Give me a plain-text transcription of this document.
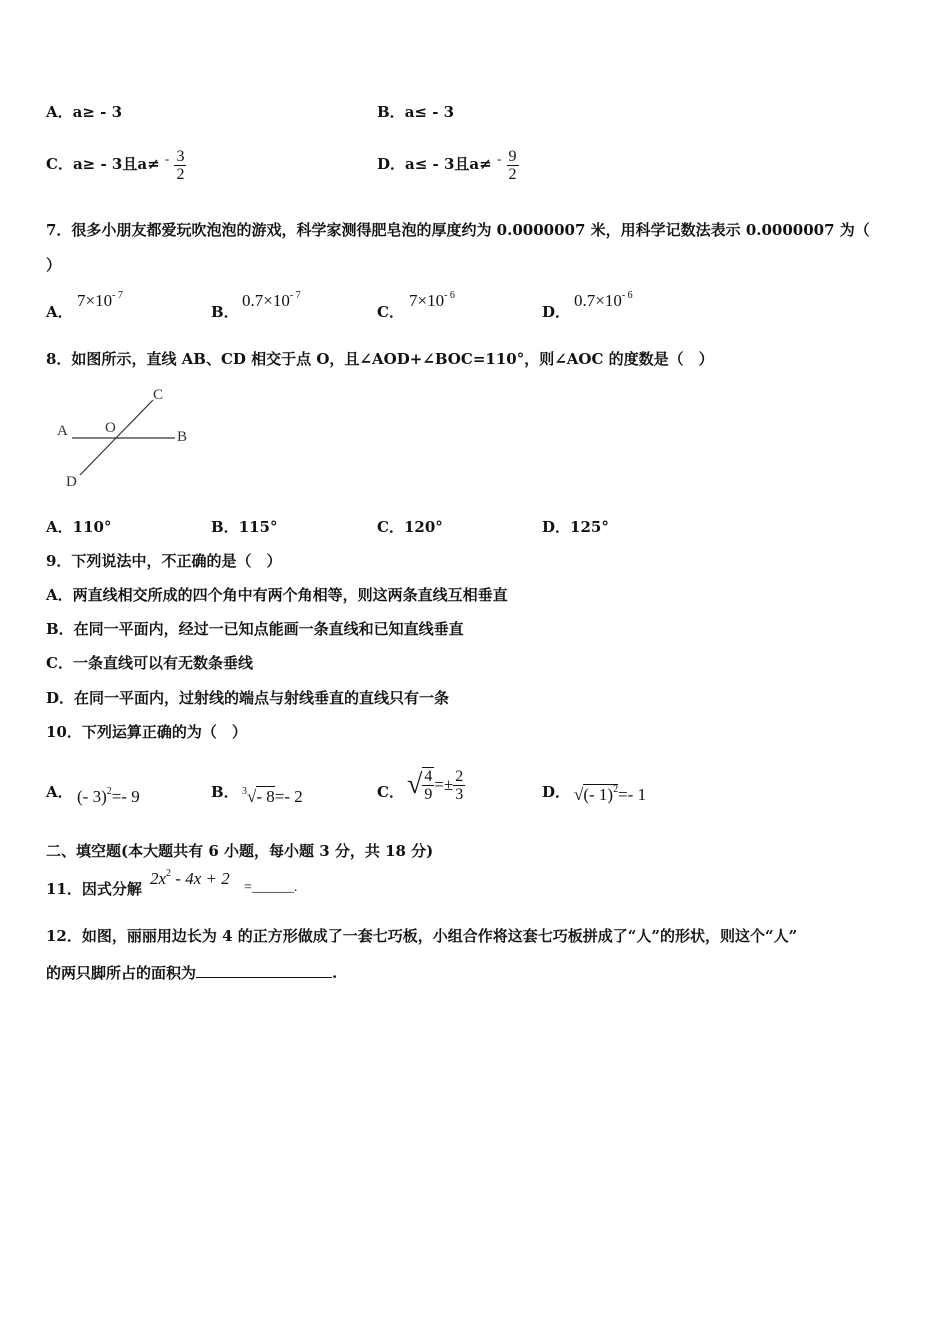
A．a≥ - 3	B．a≤ - 3
C．a≥ - 3且$a\ne - \frac{3}{2}$	D．a≤ - 3且$a\ne - \frac{9}{2}$
7．很多小朋友都爱玩吹泡泡的游戏，科学家测得肥皂泡的厚度约为 0.0000007 米，用科学记数法表示 0.0000007 为（
）
A．
$7\times 10^{- 7}$
B．
$0.7\times 10^{- 7}$
C．
$7\times 10^{- 6}$
D．
$0.7\times 10^{- 6}$
8．如图所示，直线 AB、CD 相交于点 O，且∠AOD+∠BOC=110°，则∠AOC 的度数是（　）
A O
B
C
D
A．110°	B．115°	C．120°	D．125°
9．下列说法中，不正确的是（　）
A．两直线相交所成的四个角中有两个角相等，则这两条直线互相垂直
B．在同一平面内，经过一已知点能画一条直线和已知直线垂直
C．一条直线可以有无数条垂线
D．在同一平面内，过射线的端点与射线垂直的直线只有一条
10．下列运算正确的为（　）
A． (- 3)$^2$=- 9	B． $^3$√- 8=- 2	C． √ $\frac{4}{9} =\pm \frac{2}{3}$	D． √(- 1)$^2$=- 1
二、填空题(本大题共有 6 小题，每小题 3 分，共 18 分)
11．因式分解
$2x^2 - 4x + 2$ =______.
12．如图，丽丽用边长为 4 的正方形做成了一套七巧板，小组合作将这套七巧板拼成了“人”的形状，则这个“人”
的两只脚所占的面积为	.
